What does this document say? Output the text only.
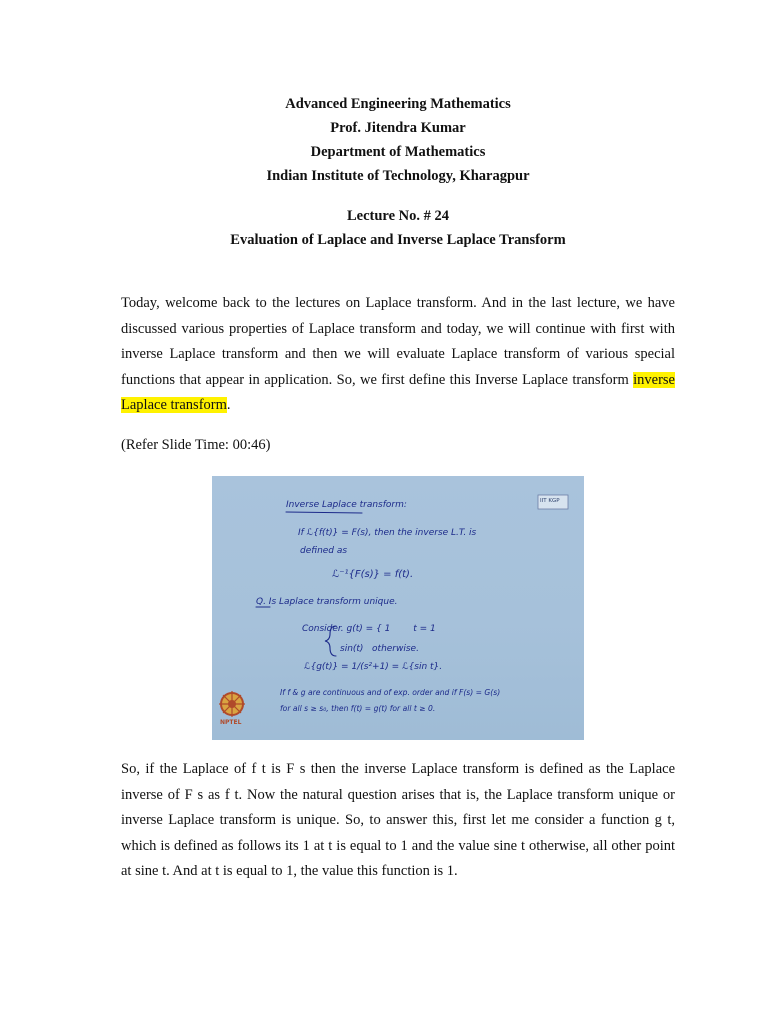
Advanced Engineering Mathematics
Prof. Jitendra Kumar
Department of Mathematics
Indian Institute of Technology, Kharagpur
Lecture No. # 24
Evaluation of Laplace and Inverse Laplace Transform
Today, welcome back to the lectures on Laplace transform. And in the last lecture, we have discussed various properties of Laplace transform and today, we will continue with first with inverse Laplace transform and then we will evaluate Laplace transform of various special functions that appear in application. So, we first define this Inverse Laplace transform inverse Laplace transform.
(Refer Slide Time: 00:46)
Inverse Laplace transform:
If ℒ{f(t)} = F(s), then the inverse L.T. is
defined as
ℒ⁻¹{F(s)} = f(t).
Q. Is Laplace transform unique.
Consider. g(t) = { 1        t = 1
sin(t)   otherwise.
ℒ{g(t)} = 1/(s²+1) = ℒ{sin t}.
If f & g are continuous and of exp. order and if F(s) = G(s)
for all s ≥ s₀, then f(t) = g(t) for all t ≥ 0.
NPTEL
IIT KGP
So, if the Laplace of f t is F s then the inverse Laplace transform is defined as the Laplace inverse of F s as f t. Now the natural question arises that is, the Laplace transform unique or inverse Laplace transform is unique. So, to answer this, first let me consider a function g t, which is defined as follows its 1 at t is equal to 1 and the value sine t otherwise, all other point at sine t. And at t is equal to 1, the value this function is 1.
